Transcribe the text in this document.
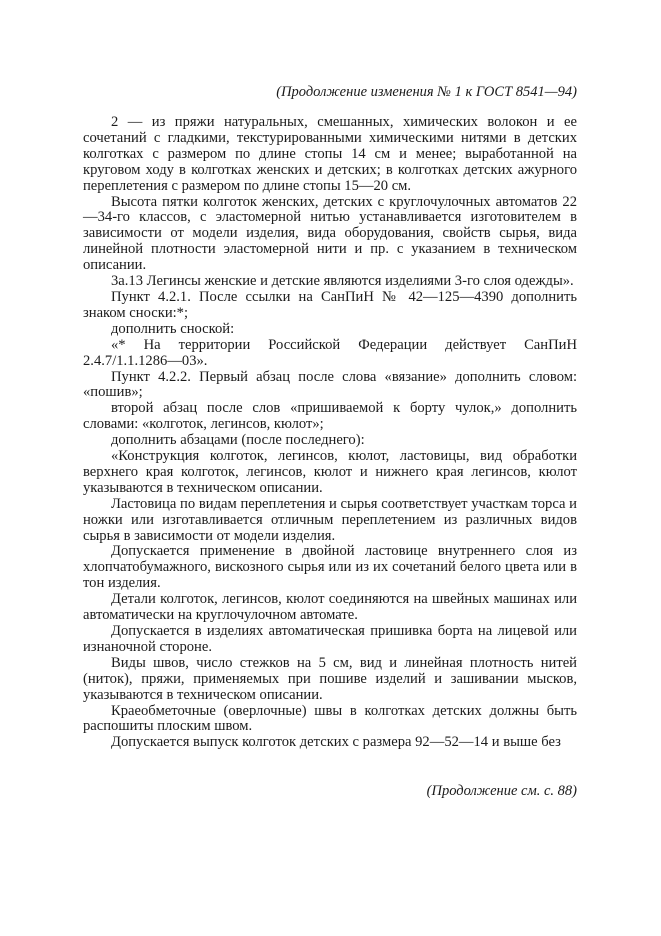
(Продолжение изменения № 1 к ГОСТ 8541—94)

2 — из пряжи натуральных, смешанных, химических волокон и ее сочетаний с гладкими, текстурированными химическими нитями в детских колготках с размером по длине стопы 14 см и менее; выработанной на круговом ходу в колготках женских и детских; в колготках детских ажурного переплетения с размером по длине стопы 15—20 см.

Высота пятки колготок женских, детских с круглочулочных автоматов 22—34-го классов, с эластомерной нитью устанавливается изготовителем в зависимости от модели изделия, вида оборудования, свойств сырья, вида линейной плотности эластомерной нити и пр. с указанием в техническом описании.

3а.13 Легинсы женские и детские являются изделиями 3-го слоя одежды».

Пункт 4.2.1. После ссылки на СанПиН № 42—125—4390 дополнить знаком сноски:*;

дополнить сноской:

«* На территории Российской Федерации действует СанПиН 2.4.7/1.1.1286—03».

Пункт 4.2.2. Первый абзац после слова «вязание» дополнить словом: «пошив»;

второй абзац после слов «пришиваемой к борту чулок,» дополнить словами: «колготок, легинсов, кюлот»;

дополнить абзацами (после последнего):

«Конструкция колготок, легинсов, кюлот, ластовицы, вид обработки верхнего края колготок, легинсов, кюлот и нижнего края легинсов, кюлот указываются в техническом описании.

Ластовица по видам переплетения и сырья соответствует участкам торса и ножки или изготавливается отличным переплетением из различных видов сырья в зависимости от модели изделия.

Допускается применение в двойной ластовице внутреннего слоя из хлопчатобумажного, вискозного сырья или из их сочетаний белого цвета или в тон изделия.

Детали колготок, легинсов, кюлот соединяются на швейных машинах или автоматически на круглочулочном автомате.

Допускается в изделиях автоматическая пришивка борта на лицевой или изнаночной стороне.

Виды швов, число стежков на 5 см, вид и линейная плотность нитей (ниток), пряжи, применяемых при пошиве изделий и зашивании мысков, указываются в техническом описании.

Краеобметочные (оверлочные) швы в колготках детских должны быть распошиты плоским швом.

Допускается выпуск колготок детских с размера 92—52—14 и выше без

(Продолжение см. с. 88)
